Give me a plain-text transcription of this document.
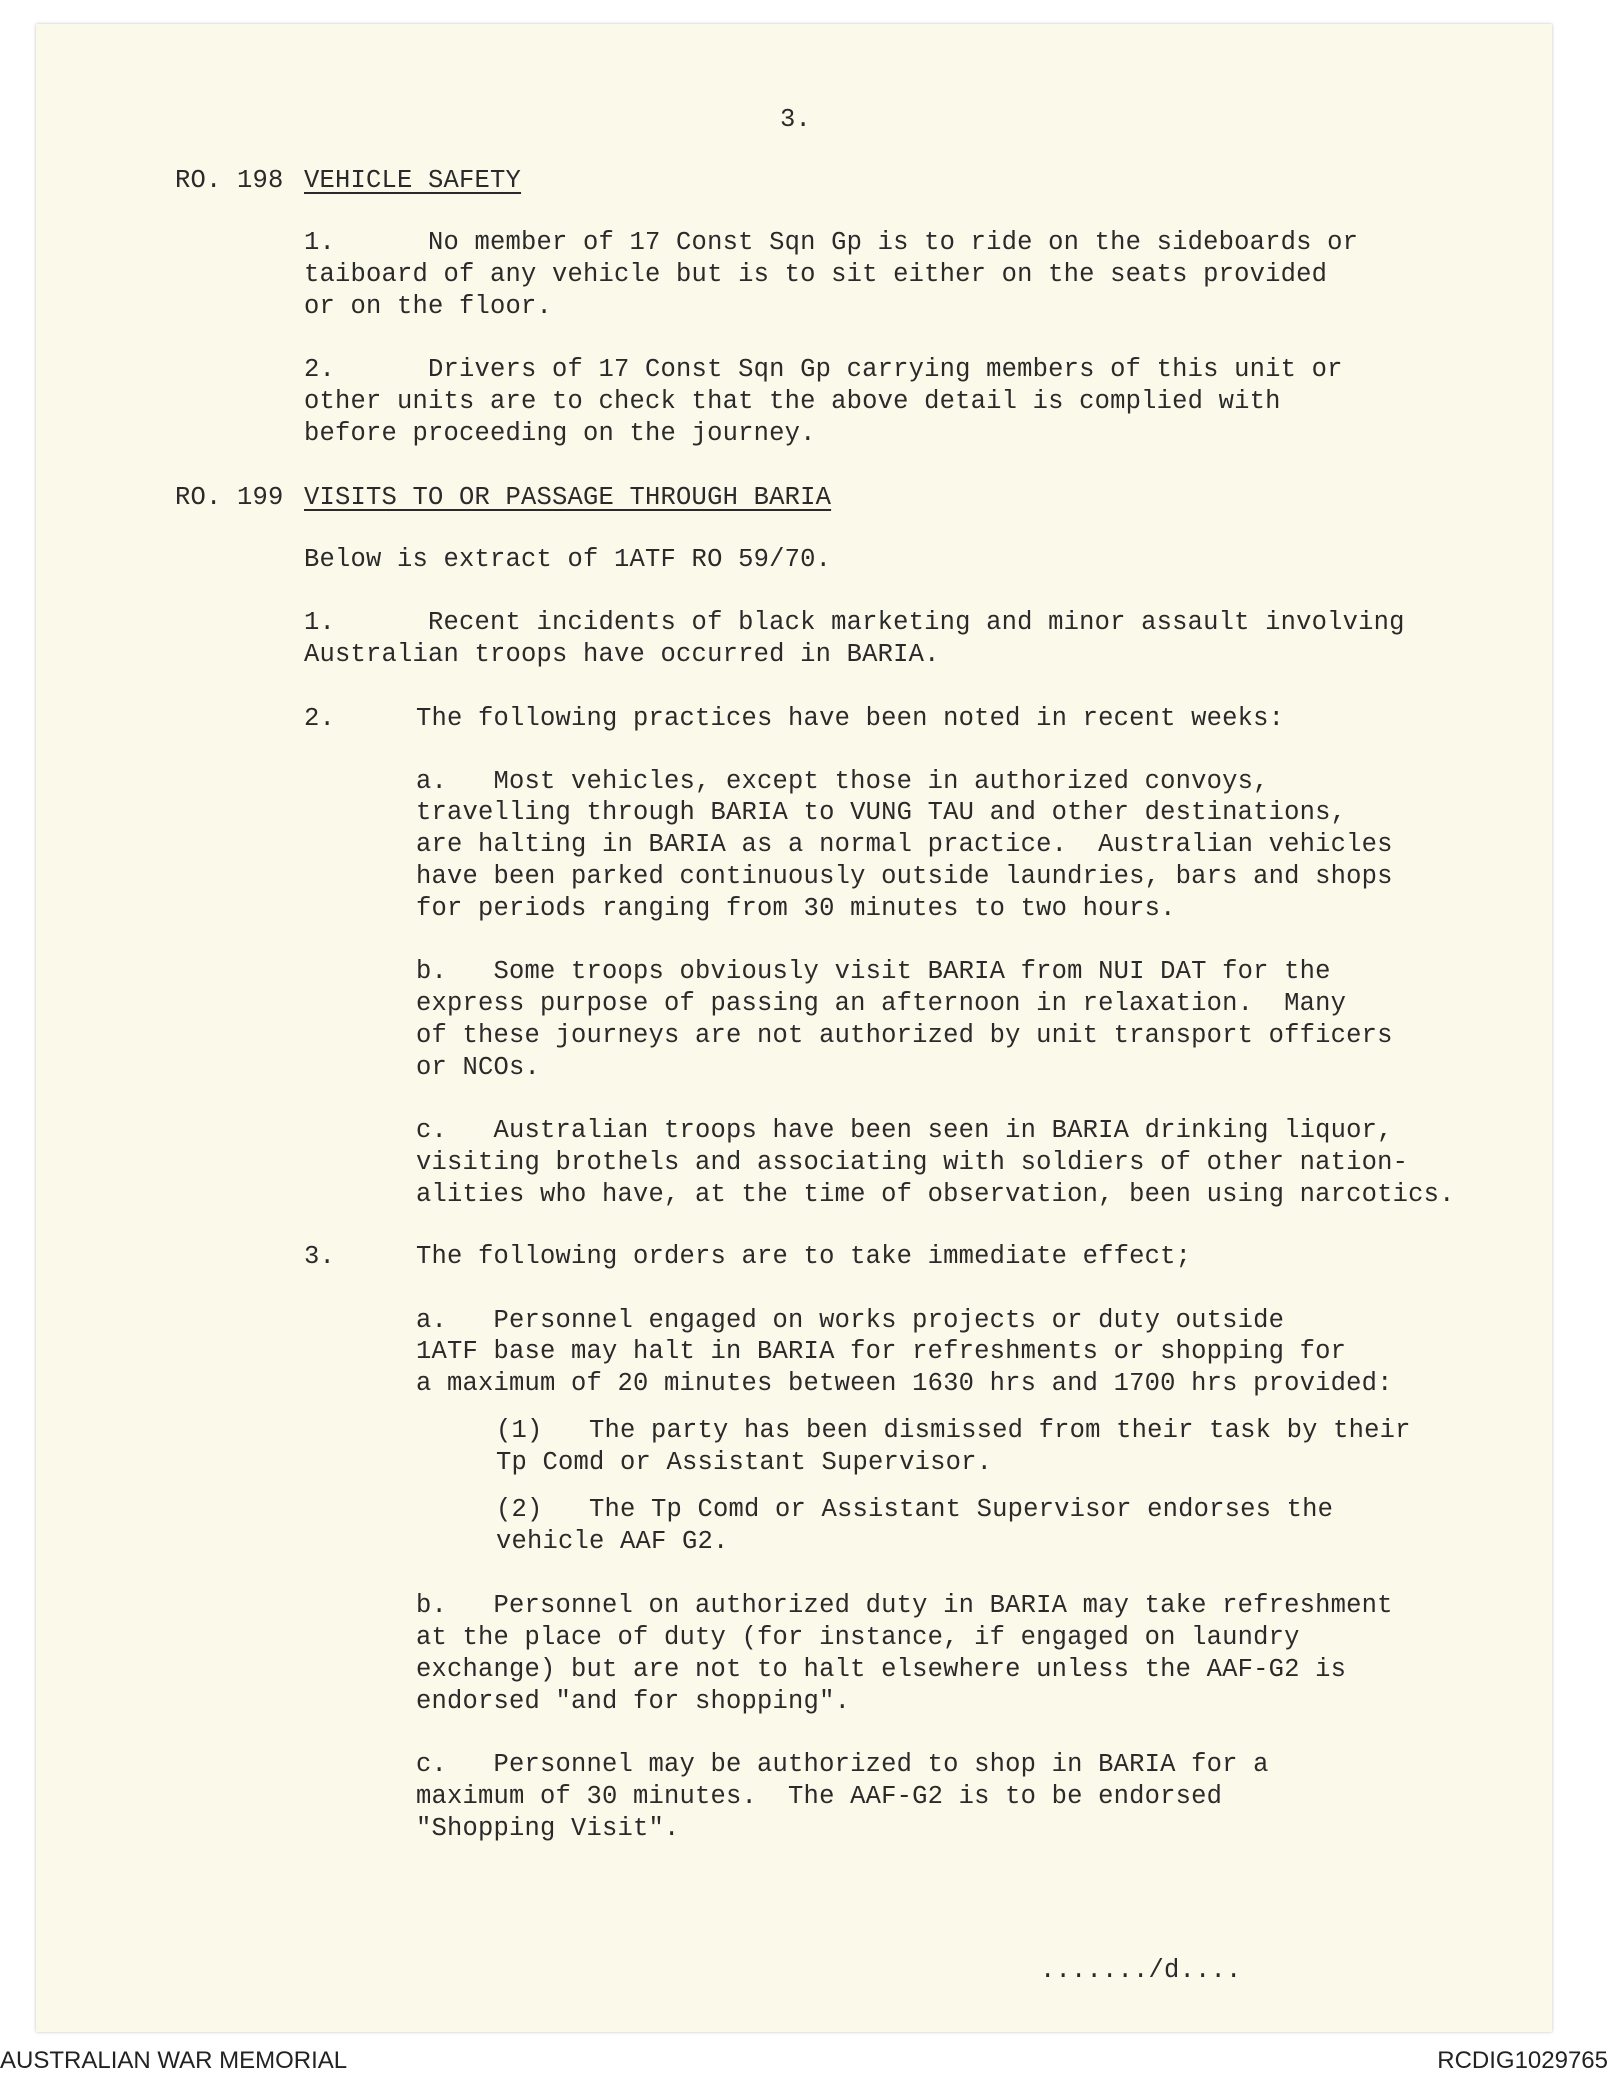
3.
RO. 198 VEHICLE SAFETY
1.      No member of 17 Const Sqn Gp is to ride on the sideboards or
taiboard of any vehicle but is to sit either on the seats provided
or on the floor.
2.      Drivers of 17 Const Sqn Gp carrying members of this unit or
other units are to check that the above detail is complied with
before proceeding on the journey.
RO. 199 VISITS TO OR PASSAGE THROUGH BARIA
Below is extract of 1ATF RO 59/70.
1.      Recent incidents of black marketing and minor assault involving
Australian troops have occurred in BARIA.
2.	The following practices have been noted in recent weeks:
a.   Most vehicles, except those in authorized convoys,
travelling through BARIA to VUNG TAU and other destinations,
are halting in BARIA as a normal practice.  Australian vehicles
have been parked continuously outside laundries, bars and shops
for periods ranging from 30 minutes to two hours.
b.   Some troops obviously visit BARIA from NUI DAT for the
express purpose of passing an afternoon in relaxation.  Many
of these journeys are not authorized by unit transport officers
or NCOs.
c.   Australian troops have been seen in BARIA drinking liquor,
visiting brothels and associating with soldiers of other nation-
alities who have, at the time of observation, been using narcotics.
3.	The following orders are to take immediate effect;
a.   Personnel engaged on works projects or duty outside
1ATF base may halt in BARIA for refreshments or shopping for
a maximum of 20 minutes between 1630 hrs and 1700 hrs provided:
(1)   The party has been dismissed from their task by their
Tp Comd or Assistant Supervisor.
(2)   The Tp Comd or Assistant Supervisor endorses the
vehicle AAF G2.
b.   Personnel on authorized duty in BARIA may take refreshment
at the place of duty (for instance, if engaged on laundry
exchange) but are not to halt elsewhere unless the AAF-G2 is
endorsed "and for shopping".
c.   Personnel may be authorized to shop in BARIA for a
maximum of 30 minutes.  The AAF-G2 is to be endorsed
"Shopping Visit".
......./d....
AUSTRALIAN WAR MEMORIAL	RCDIG1029765
